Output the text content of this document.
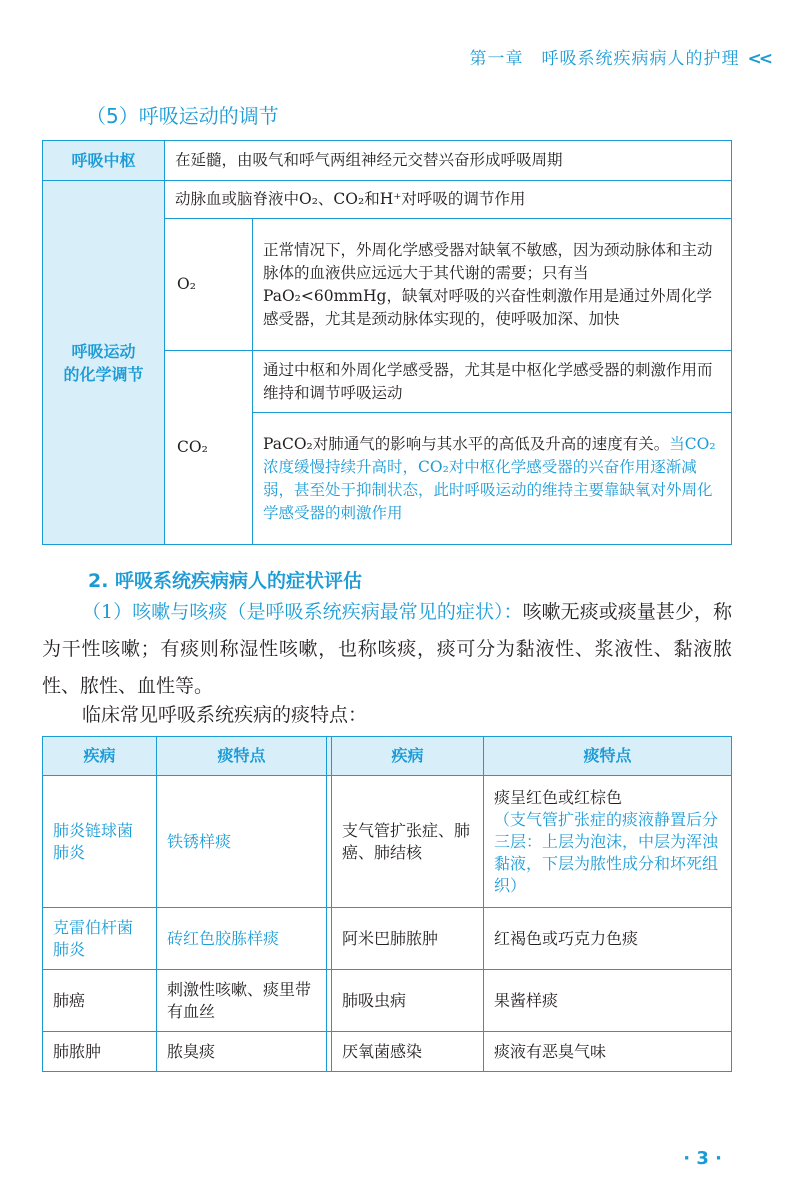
第一章　呼吸系统疾病病人的护理 <<
（5）呼吸运动的调节
呼吸中枢	在延髓，由吸气和呼气两组神经元交替兴奋形成呼吸周期	

呼吸运动
的化学调节	动脉血或脑脊液中O₂、CO₂和H⁺对呼吸的调节作用	
	O₂	正常情况下，外周化学感受器对缺氧不敏感，因为颈动脉体和主动脉体的血液供应远远大于其代谢的需要；只有当PaO₂<60mmHg，缺氧对呼吸的兴奋性刺激作用是通过外周化学感受器，尤其是颈动脉体实现的，使呼吸加深、加快
	CO₂	通过中枢和外周化学感受器，尤其是中枢化学感受器的刺激作用而维持和调节呼吸运动
		PaCO₂对肺通气的影响与其水平的高低及升高的速度有关。当CO₂浓度缓慢持续升高时，CO₂对中枢化学感受器的兴奋作用逐渐减弱，甚至处于抑制状态，此时呼吸运动的维持主要靠缺氧对外周化学感受器的刺激作用
2. 呼吸系统疾病病人的症状评估
（1）咳嗽与咳痰（是呼吸系统疾病最常见的症状）：咳嗽无痰或痰量甚少，称为干性咳嗽；有痰则称湿性咳嗽，也称咳痰，痰可分为黏液性、浆液性、黏液脓性、脓性、血性等。
临床常见呼吸系统疾病的痰特点：
疾病	痰特点		疾病	痰特点
肺炎链球菌肺炎	铁锈样痰		支气管扩张症、肺癌、肺结核	痰呈红色或红棕色
（支气管扩张症的痰液静置后分三层：上层为泡沫，中层为浑浊黏液，下层为脓性成分和坏死组织）

克雷伯杆菌肺炎	砖红色胶胨样痰		阿米巴肺脓肿	红褐色或巧克力色痰
肺癌	刺激性咳嗽、痰里带有血丝		肺吸虫病	果酱样痰
肺脓肿	脓臭痰		厌氧菌感染	痰液有恶臭气味
· 3 ·
